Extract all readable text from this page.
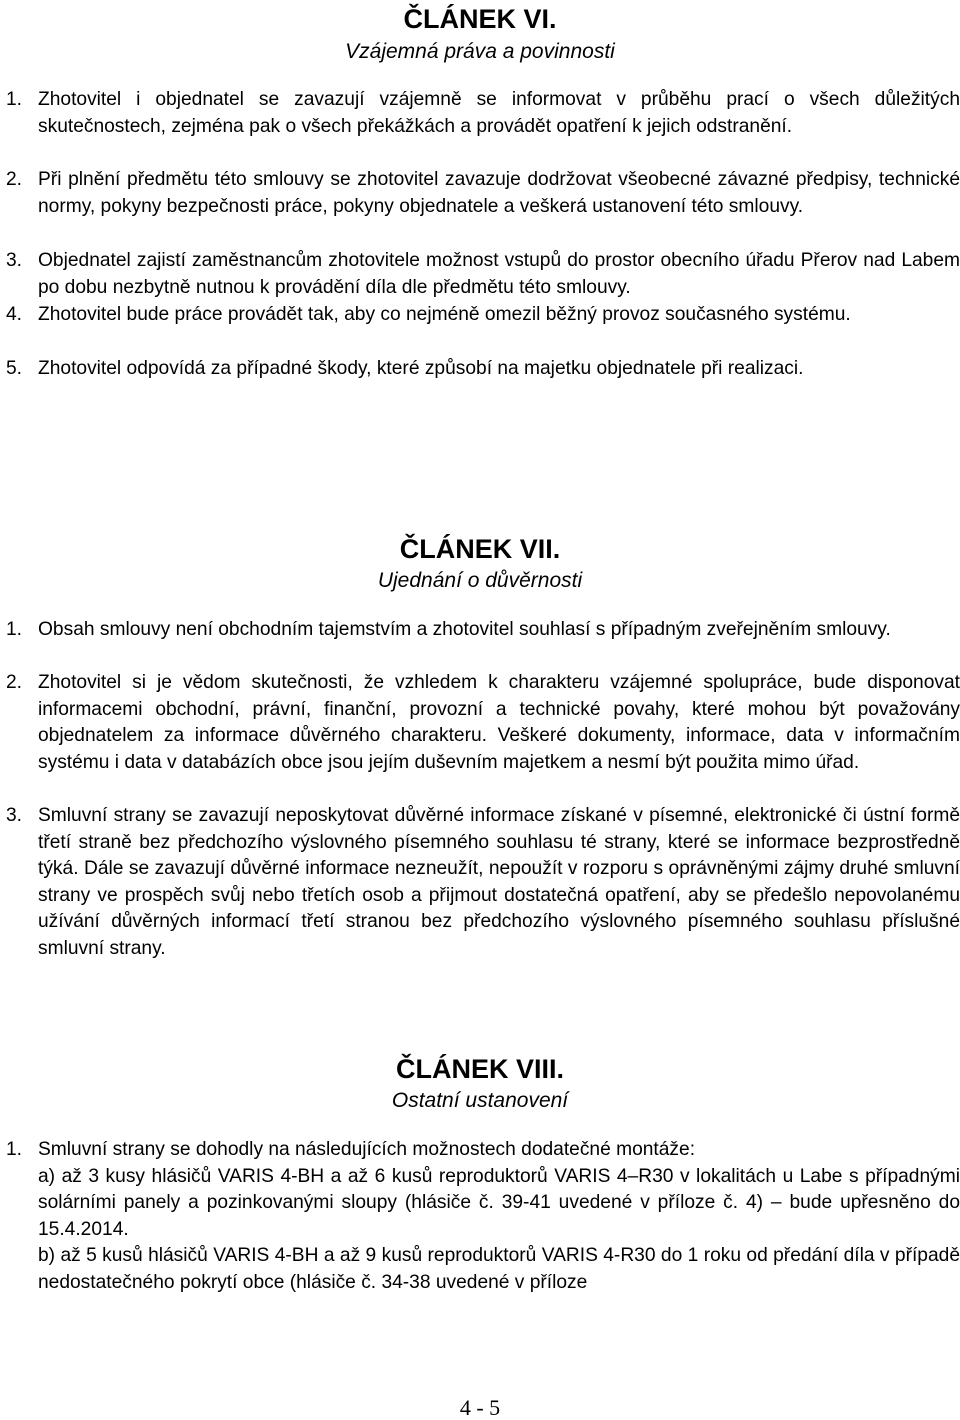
ČLÁNEK VI.
Vzájemná práva a povinnosti
1. Zhotovitel i objednatel se zavazují vzájemně se informovat v průběhu prací o všech důležitých skutečnostech, zejména pak o všech překážkách a provádět opatření k jejich odstranění.

2. Při plnění předmětu této smlouvy se zhotovitel zavazuje dodržovat všeobecné závazné předpisy, technické normy, pokyny bezpečnosti práce, pokyny objednatele a veškerá ustanovení této smlouvy.

3. Objednatel zajistí zaměstnancům zhotovitele možnost vstupů do prostor obecního úřadu Přerov nad Labem po dobu nezbytně nutnou k provádění díla dle předmětu této smlouvy.

4. Zhotovitel bude práce provádět tak, aby co nejméně omezil běžný provoz současného systému.

5. Zhotovitel odpovídá za případné škody, které způsobí na majetku objednatele při realizaci.

ČLÁNEK VII.
Ujednání o důvěrnosti
1. Obsah smlouvy není obchodním tajemstvím a zhotovitel souhlasí s případným zveřejněním smlouvy.

2. Zhotovitel si je vědom skutečnosti, že vzhledem k charakteru vzájemné spolupráce, bude disponovat informacemi obchodní, právní, finanční, provozní a technické povahy, které mohou být považovány objednatelem za informace důvěrného charakteru. Veškeré dokumenty, informace, data v informačním systému i data v databázích obce jsou jejím duševním majetkem a nesmí být použita mimo úřad.

3. Smluvní strany se zavazují neposkytovat důvěrné informace získané v písemné, elektronické či ústní formě třetí straně bez předchozího výslovného písemného souhlasu té strany, které se informace bezprostředně týká. Dále se zavazují důvěrné informace nezneužít, nepoužít v rozporu s oprávněnými zájmy druhé smluvní strany ve prospěch svůj nebo třetích osob a přijmout dostatečná opatření, aby se předešlo nepovolanému užívání důvěrných informací třetí stranou bez předchozího výslovného písemného souhlasu příslušné smluvní strany.

ČLÁNEK VIII.
Ostatní ustanovení
1. Smluvní strany se dohodly na následujících možnostech dodatečné montáže:

a) až 3 kusy hlásičů VARIS 4-BH a až 6 kusů reproduktorů VARIS 4–R30 v lokalitách u Labe s případnými solárními panely a pozinkovanými sloupy (hlásiče č. 39-41 uvedené v příloze č. 4) – bude upřesněno do 15.4.2014.

b) až 5 kusů hlásičů VARIS 4-BH a až 9 kusů reproduktorů VARIS 4-R30 do 1 roku od předání díla v případě nedostatečného pokrytí obce (hlásiče č. 34-38 uvedené v příloze

4 - 5
